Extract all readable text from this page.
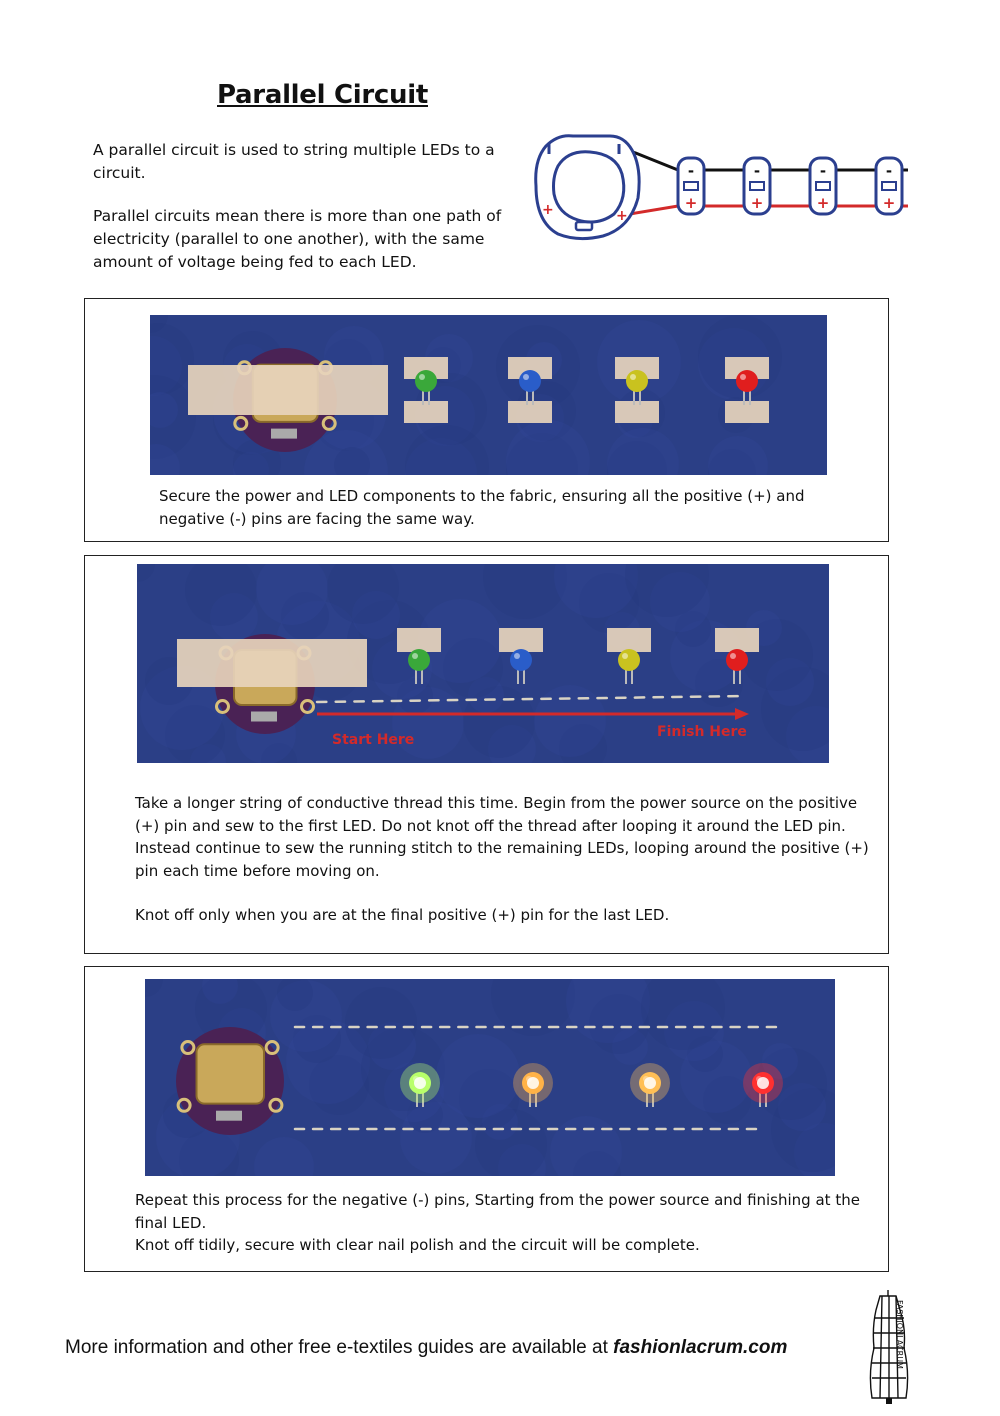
Parallel Circuit

A parallel circuit is used to string multiple LEDs to a circuit.

Parallel circuits mean there is more than one path of electricity (parallel to one another), with the same amount of voltage being fed to each LED.

+	+
-
+
-
+
-
+
-
+

Secure the power and LED components to the fabric, ensuring all the positive (+) and negative (-) pins are facing the same way.

Start Here	Finish Here

Take a longer string of conductive thread this time. Begin from the power source on the positive (+) pin and sew to the first LED. Do not knot off the thread after looping it around the LED pin. Instead continue to sew the running stitch to the remaining LEDs, looping around the positive (+) pin each time before moving on.

Knot off only when you are at the final positive (+) pin for the last LED.

Repeat this process for the negative (-) pins, Starting from the power source and finishing at the final LED.

Knot off tidily, secure with clear nail polish and the circuit will be complete.

More information and other free e-textiles guides are available at fashionlacrum.com	FASHIONLACRUM
